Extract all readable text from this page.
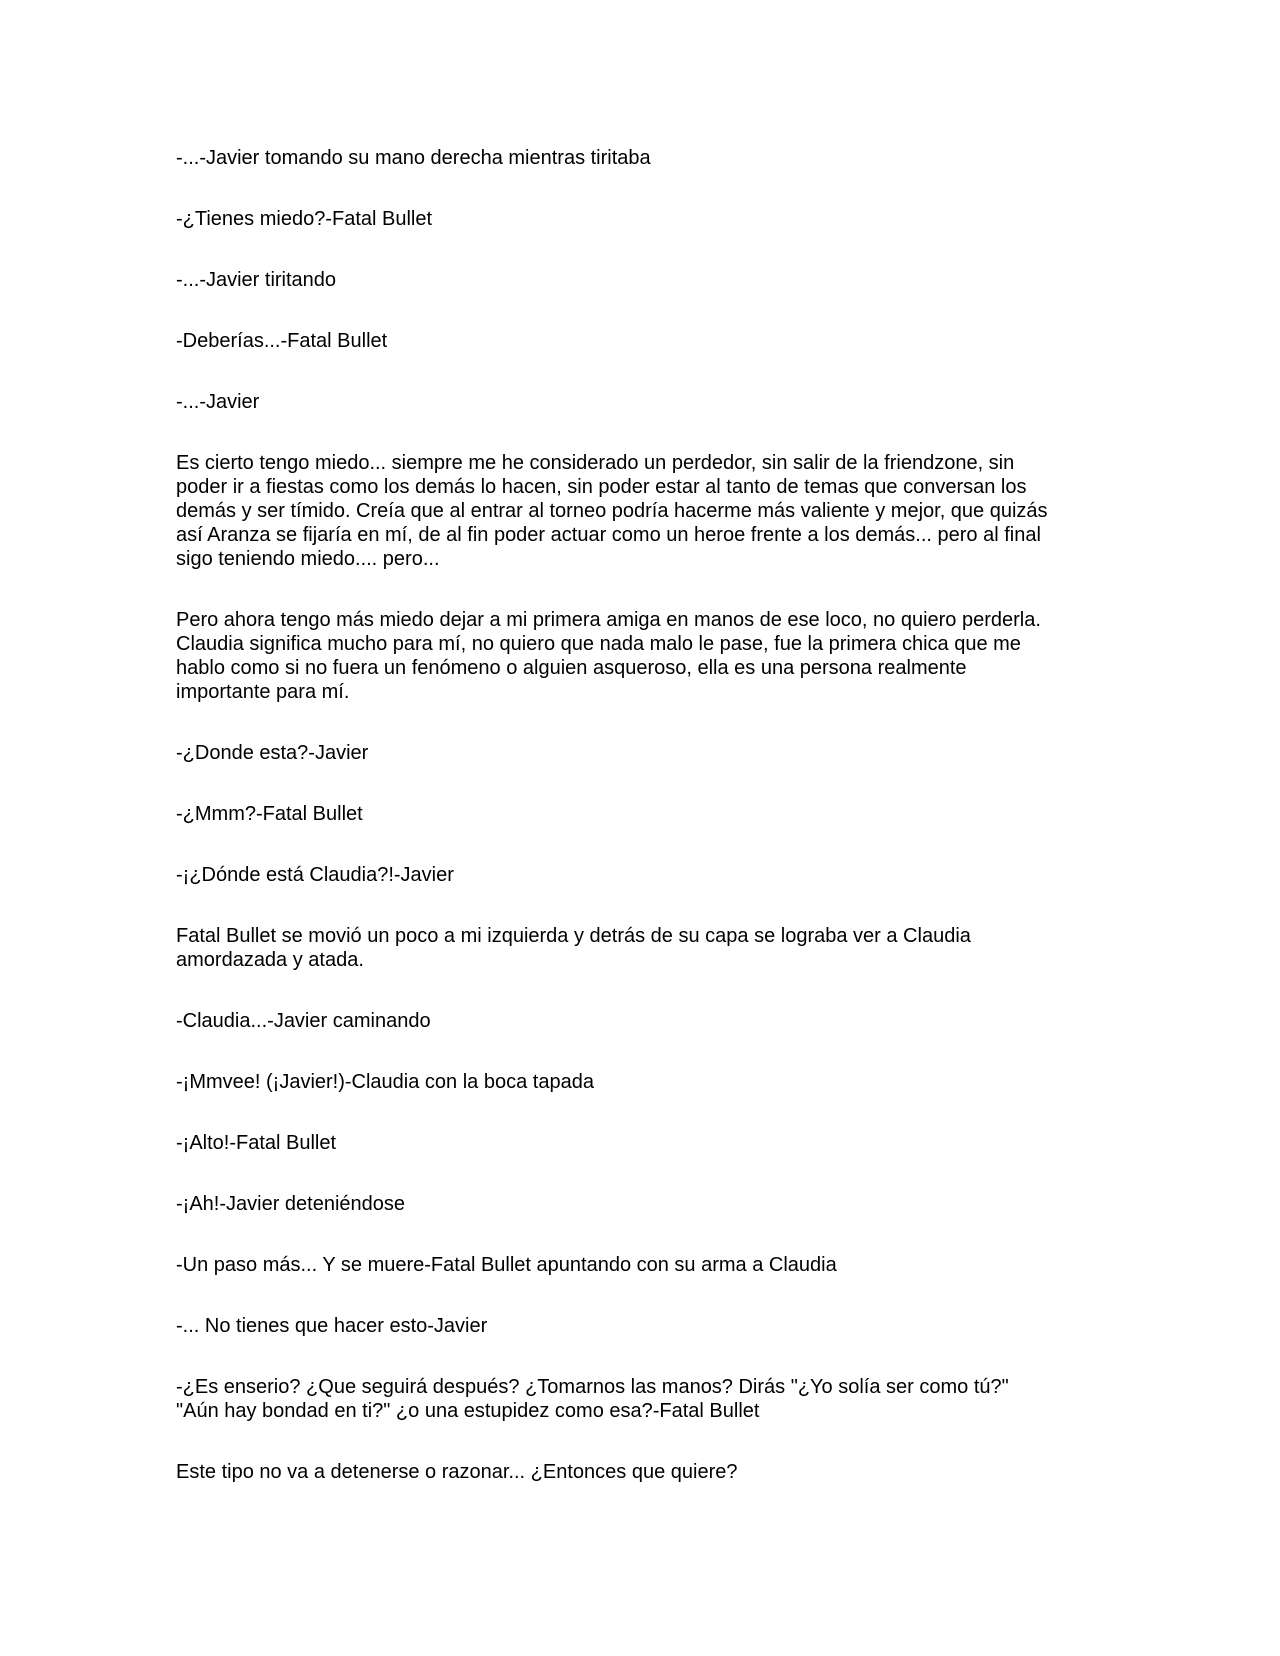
-...-Javier tomando su mano derecha mientras tiritaba

-¿Tienes miedo?-Fatal Bullet

-...-Javier tiritando

-Deberías...-Fatal Bullet

-...-Javier

Es cierto tengo miedo... siempre me he considerado un perdedor, sin salir de la friendzone, sin
poder ir a fiestas como los demás lo hacen, sin poder estar al tanto de temas que conversan los
demás y ser tímido. Creía que al entrar al torneo podría hacerme más valiente y mejor, que quizás
así Aranza se fijaría en mí, de al fin poder actuar como un heroe frente a los demás... pero al final
sigo teniendo miedo.... pero...

Pero ahora tengo más miedo dejar a mi primera amiga en manos de ese loco, no quiero perderla.
Claudia significa mucho para mí, no quiero que nada malo le pase, fue la primera chica que me
hablo como si no fuera un fenómeno o alguien asqueroso, ella es una persona realmente
importante para mí.

-¿Donde esta?-Javier

-¿Mmm?-Fatal Bullet

-¡¿Dónde está Claudia?!-Javier

Fatal Bullet se movió un poco a mi izquierda y detrás de su capa se lograba ver a Claudia
amordazada y atada.

-Claudia...-Javier caminando

-¡Mmvee! (¡Javier!)-Claudia con la boca tapada

-¡Alto!-Fatal Bullet

-¡Ah!-Javier deteniéndose

-Un paso más... Y se muere-Fatal Bullet apuntando con su arma a Claudia

-... No tienes que hacer esto-Javier

-¿Es enserio? ¿Que seguirá después? ¿Tomarnos las manos? Dirás "¿Yo solía ser como tú?"
"Aún hay bondad en ti?" ¿o una estupidez como esa?-Fatal Bullet

Este tipo no va a detenerse o razonar... ¿Entonces que quiere?
